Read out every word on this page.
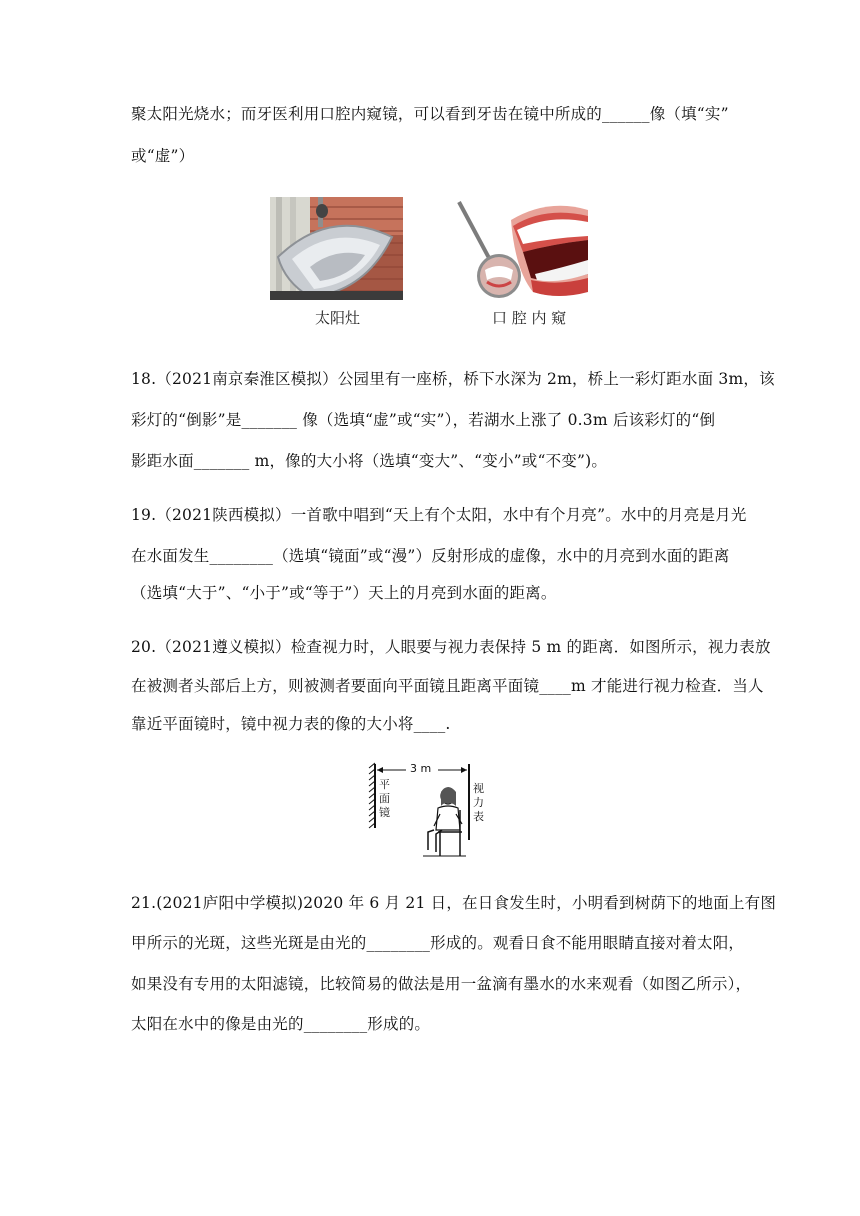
聚太阳光烧水；而牙医利用口腔内窥镜，可以看到牙齿在镜中所成的______像（填“实”
或“虚”）
太阳灶	口 腔 内 窥
18.（2021南京秦淮区模拟）公园里有一座桥，桥下水深为 2m，桥上一彩灯距水面 3m，该
彩灯的“倒影”是_______ 像（选填“虚”或“实”），若湖水上涨了 0.3m 后该彩灯的“倒
影距水面_______ m，像的大小将（选填“变大”、“变小”或“不变”)。
19.（2021陕西模拟）一首歌中唱到“天上有个太阳，水中有个月亮”。水中的月亮是月光
在水面发生________（选填“镜面”或“漫”）反射形成的虚像，水中的月亮到水面的距离
（选填“大于”、“小于”或“等于”）天上的月亮到水面的距离。
20.（2021遵义模拟）检查视力时，人眼要与视力表保持 5 m 的距离．如图所示，视力表放
在被测者头部后上方，则被测者要面向平面镜且距离平面镜____m 才能进行视力检查．当人
靠近平面镜时，镜中视力表的像的大小将____.
3 m
平面镜
视力表
21.(2021庐阳中学模拟)2020 年 6 月 21 日，在日食发生时，小明看到树荫下的地面上有图
甲所示的光斑，这些光斑是由光的________形成的。观看日食不能用眼睛直接对着太阳，
如果没有专用的太阳滤镜，比较简易的做法是用一盆滴有墨水的水来观看（如图乙所示），
太阳在水中的像是由光的________形成的。
